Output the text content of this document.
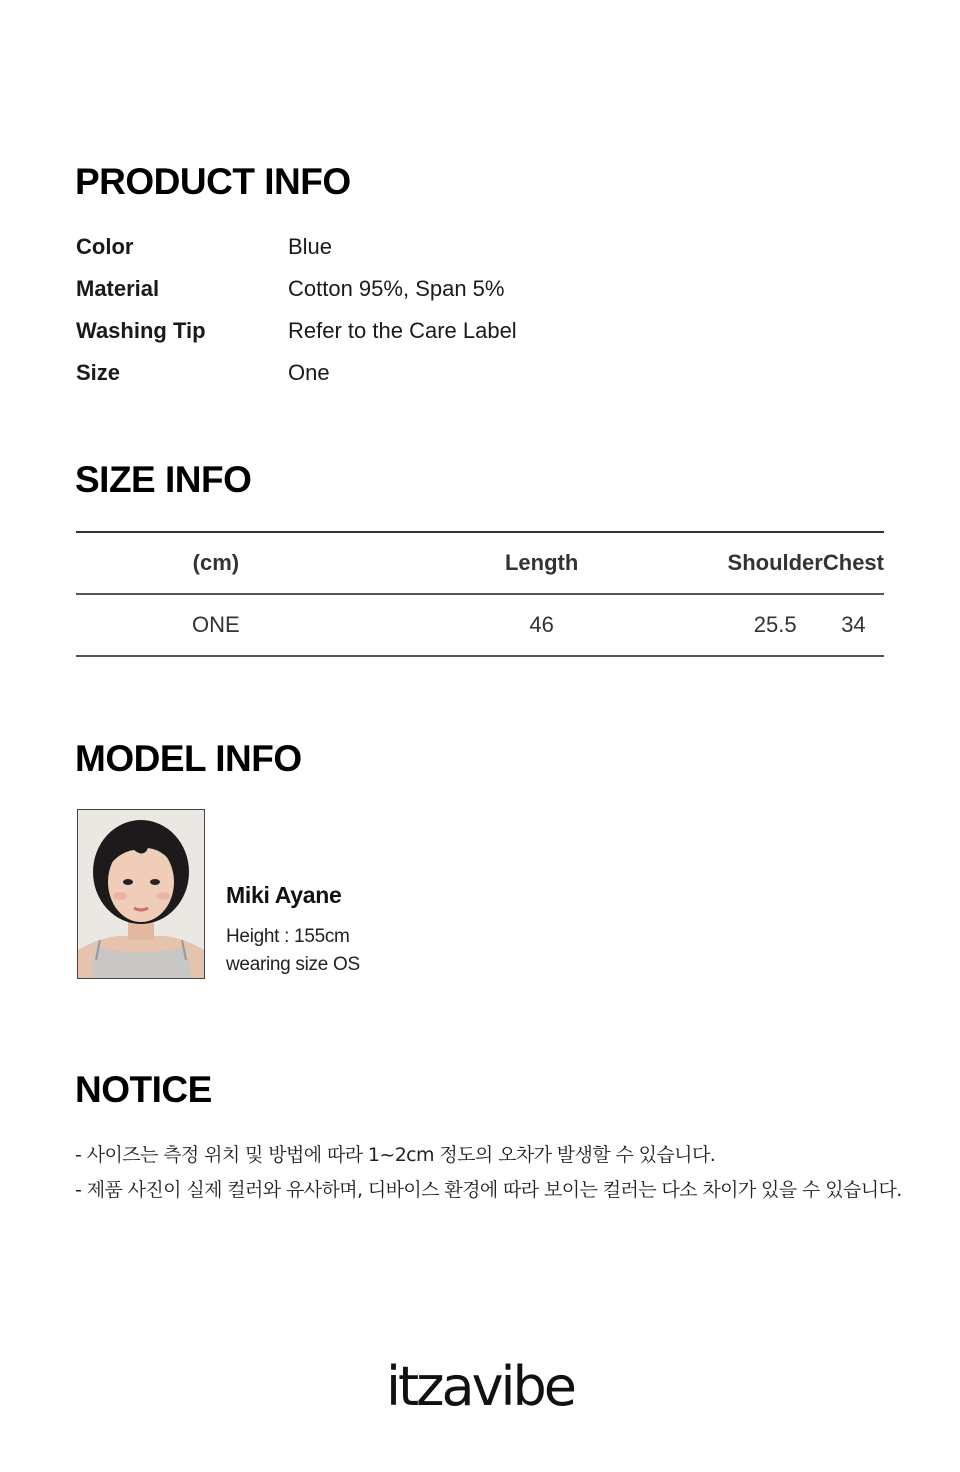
PRODUCT INFO
Color	Blue
Material	Cotton 95%, Span 5%
Washing Tip	Refer to the Care Label
Size	One
SIZE INFO
(cm)	Length	Shoulder	Chest
ONE	46	25.5	34
MODEL INFO
Miki Ayane
Height : 155cm
wearing size OS
NOTICE
- 사이즈는 측정 위치 및 방법에 따라 1~2cm 정도의 오차가 발생할 수 있습니다.
- 제품 사진이 실제 컬러와 유사하며, 디바이스 환경에 따라 보이는 컬러는 다소 차이가 있을 수 있습니다.
itzavibe
